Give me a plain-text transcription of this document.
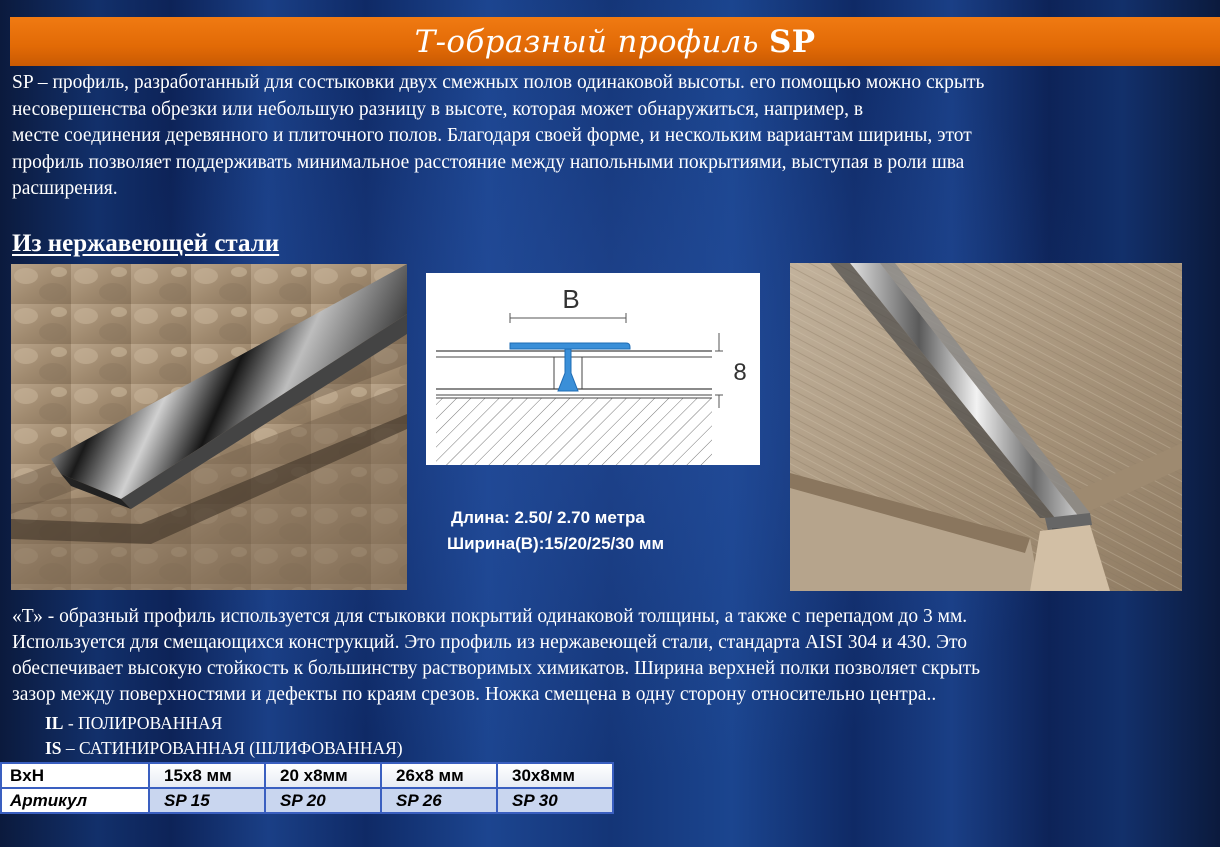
Т-образный профиль SP
SP – профиль, разработанный для состыковки двух смежных полов одинаковой высоты. его помощью можно скрыть
несовершенства обрезки или небольшую разницу в высоте, которая может обнаружиться, например, в
месте соединения деревянного и плиточного полов. Благодаря своей форме, и нескольким вариантам ширины, этот
профиль позволяет поддерживать минимальное расстояние между напольными покрытиями, выступая в роли шва
расширения.
Из нержавеющей стали
B
8
Длина: 2.50/ 2.70 метра
Ширина(B):15/20/25/30 мм
«Т» - образный профиль используется для стыковки покрытий одинаковой толщины, а также с перепадом до 3 мм.
Используется для смещающихся конструкций. Это профиль из нержавеющей стали, стандарта AISI 304 и 430. Это
обеспечивает высокую стойкость к большинству растворимых химикатов. Ширина верхней полки позволяет скрыть
зазор между поверхностями и дефекты по краям срезов. Ножка смещена в одну сторону относительно центра..
IL - ПОЛИРОВАННАЯ
IS – САТИНИРОВАННАЯ (ШЛИФОВАННАЯ)
BxH	15x8 мм	20 x8мм	26x8 мм	30x8мм
Артикул	SP 15	SP 20	SP 26	SP 30
